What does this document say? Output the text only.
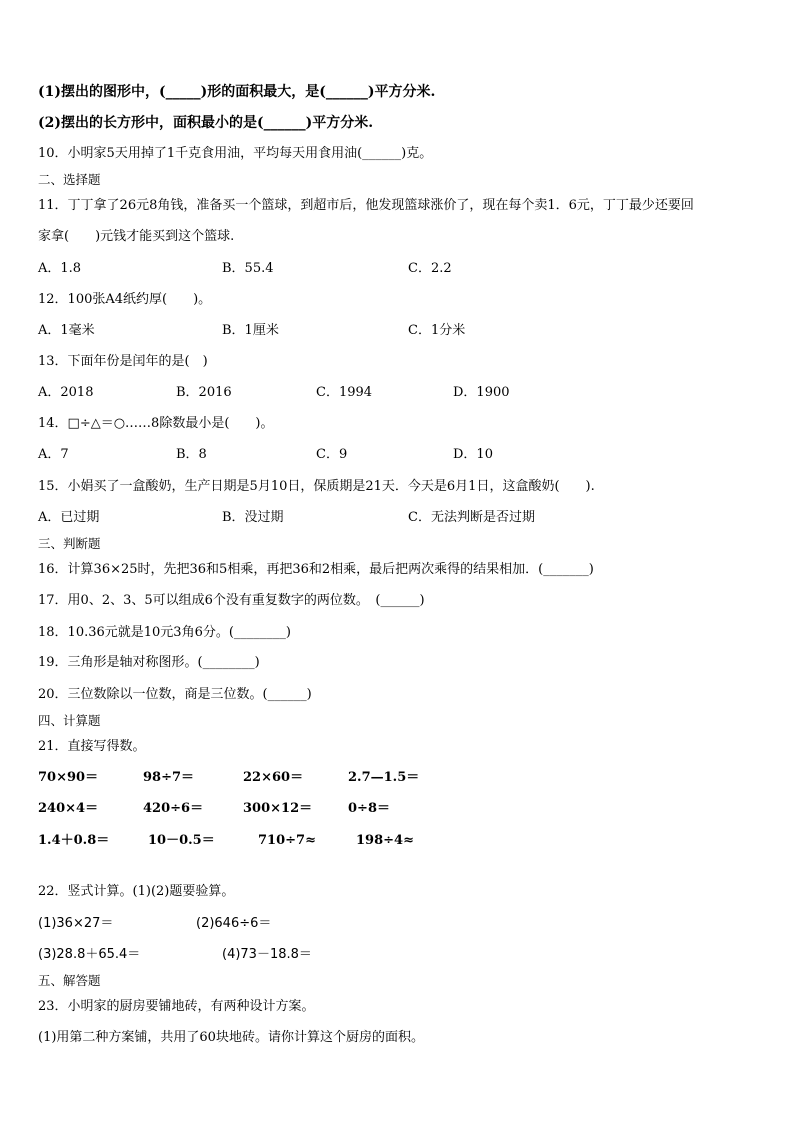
(1)摆出的图形中，(_____)形的面积最大，是(______)平方分米.
(2)摆出的长方形中，面积最小的是(______)平方分米.
10．小明家5天用掉了1千克食用油，平均每天用食用油(______)克。
二、选择题
11．丁丁拿了26元8角钱，准备买一个篮球，到超市后，他发现篮球涨价了，现在每个卖1．6元，丁丁最少还要回
家拿(　　)元钱才能买到这个篮球.
A．1.8	B．55.4	C．2.2
12．100张A4纸约厚(　　)。
A．1毫米	B．1厘米	C．1分米
13．下面年份是闰年的是(　)
A．2018	B．2016	C．1994	D．1900
14．□÷△＝○……8除数最小是(　　)。
A．7	B．8	C．9	D．10
15．小娟买了一盒酸奶，生产日期是5月10日，保质期是21天．今天是6月1日，这盒酸奶(　　).
A．已过期	B．没过期	C．无法判断是否过期
三、判断题
16．计算36×25时，先把36和5相乘，再把36和2相乘，最后把两次乘得的结果相加．(_______)
17．用0、2、3、5可以组成6个没有重复数字的两位数。　(______)
18．10.36元就是10元3角6分。(________)
19．三角形是轴对称图形。(________)
20．三位数除以一位数，商是三位数。(______)
四、计算题
21．直接写得数。
70×90＝	98÷7＝	22×60＝	2.7—1.5＝
240×4＝	420÷6＝	300×12＝	0÷8＝
1.4＋0.8＝	10－0.5＝	710÷7≈	198÷4≈
22．竖式计算。(1)(2)题要验算。
(1)36×27＝	(2)646÷6＝
(3)28.8＋65.4＝	(4)73－18.8＝
五、解答题
23．小明家的厨房要铺地砖，有两种设计方案。
(1)用第二种方案铺，共用了60块地砖。请你计算这个厨房的面积。
